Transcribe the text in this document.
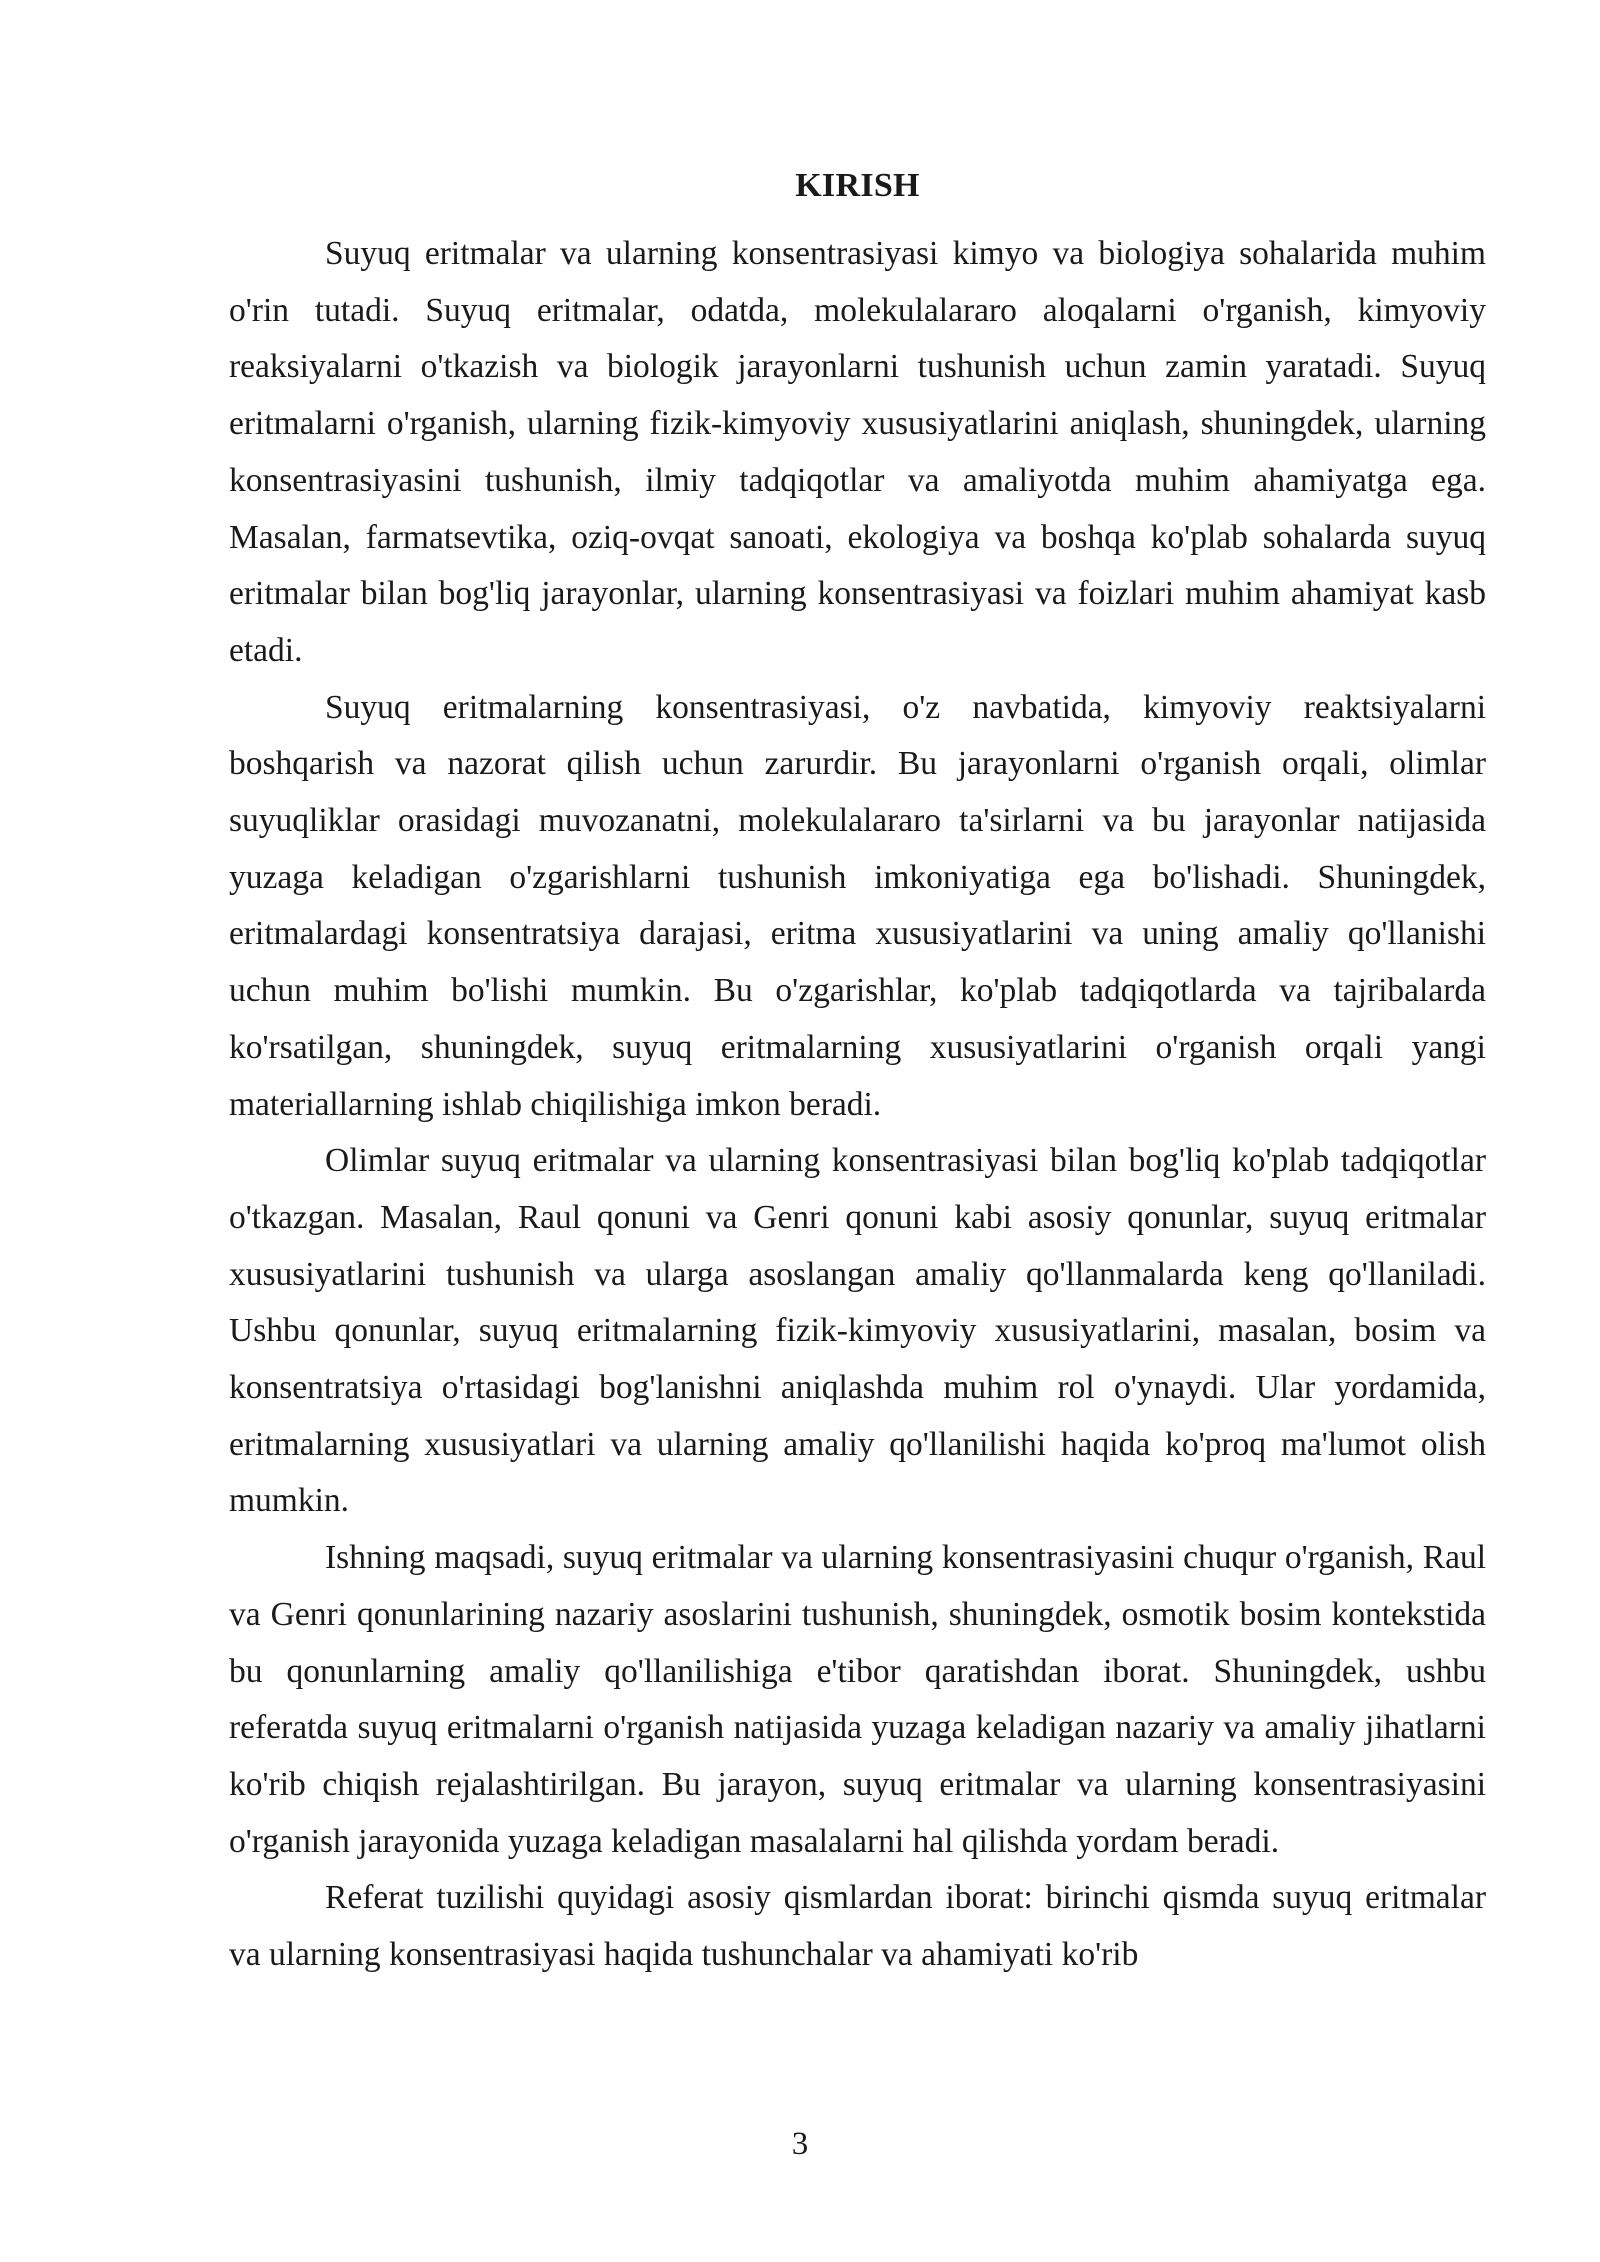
KIRISH

Suyuq eritmalar va ularning konsentrasiyasi kimyo va biologiya sohalarida muhim o'rin tutadi. Suyuq eritmalar, odatda, molekulalararo aloqalarni o'rganish, kimyoviy reaksiyalarni o'tkazish va biologik jarayonlarni tushunish uchun zamin yaratadi. Suyuq eritmalarni o'rganish, ularning fizik-kimyoviy xususiyatlarini aniqlash, shuningdek, ularning konsentrasiyasini tushunish, ilmiy tadqiqotlar va amaliyotda muhim ahamiyatga ega. Masalan, farmatsevtika, oziq-ovqat sanoati, ekologiya va boshqa ko'plab sohalarda suyuq eritmalar bilan bog'liq jarayonlar, ularning konsentrasiyasi va foizlari muhim ahamiyat kasb etadi.

Suyuq eritmalarning konsentrasiyasi, o'z navbatida, kimyoviy reaktsiyalarni boshqarish va nazorat qilish uchun zarurdir. Bu jarayonlarni o'rganish orqali, olimlar suyuqliklar orasidagi muvozanatni, molekulalararo ta'sirlarni va bu jarayonlar natijasida yuzaga keladigan o'zgarishlarni tushunish imkoniyatiga ega bo'lishadi. Shuningdek, eritmalardagi konsentratsiya darajasi, eritma xususiyatlarini va uning amaliy qo'llanishi uchun muhim bo'lishi mumkin. Bu o'zgarishlar, ko'plab tadqiqotlarda va tajribalarda ko'rsatilgan, shuningdek, suyuq eritmalarning xususiyatlarini o'rganish orqali yangi materiallarning ishlab chiqilishiga imkon beradi.

Olimlar suyuq eritmalar va ularning konsentrasiyasi bilan bog'liq ko'plab tadqiqotlar o'tkazgan. Masalan, Raul qonuni va Genri qonuni kabi asosiy qonunlar, suyuq eritmalar xususiyatlarini tushunish va ularga asoslangan amaliy qo'llanmalarda keng qo'llaniladi. Ushbu qonunlar, suyuq eritmalarning fizik-kimyoviy xususiyatlarini, masalan, bosim va konsentratsiya o'rtasidagi bog'lanishni aniqlashda muhim rol o'ynaydi. Ular yordamida, eritmalarning xususiyatlari va ularning amaliy qo'llanilishi haqida ko'proq ma'lumot olish mumkin.

Ishning maqsadi, suyuq eritmalar va ularning konsentrasiyasini chuqur o'rganish, Raul va Genri qonunlarining nazariy asoslarini tushunish, shuningdek, osmotik bosim kontekstida bu qonunlarning amaliy qo'llanilishiga e'tibor qaratishdan iborat. Shuningdek, ushbu referatda suyuq eritmalarni o'rganish natijasida yuzaga keladigan nazariy va amaliy jihatlarni ko'rib chiqish rejalashtirilgan. Bu jarayon, suyuq eritmalar va ularning konsentrasiyasini o'rganish jarayonida yuzaga keladigan masalalarni hal qilishda yordam beradi.

Referat tuzilishi quyidagi asosiy qismlardan iborat: birinchi qismda suyuq eritmalar va ularning konsentrasiyasi haqida tushunchalar va ahamiyati ko'rib

3
